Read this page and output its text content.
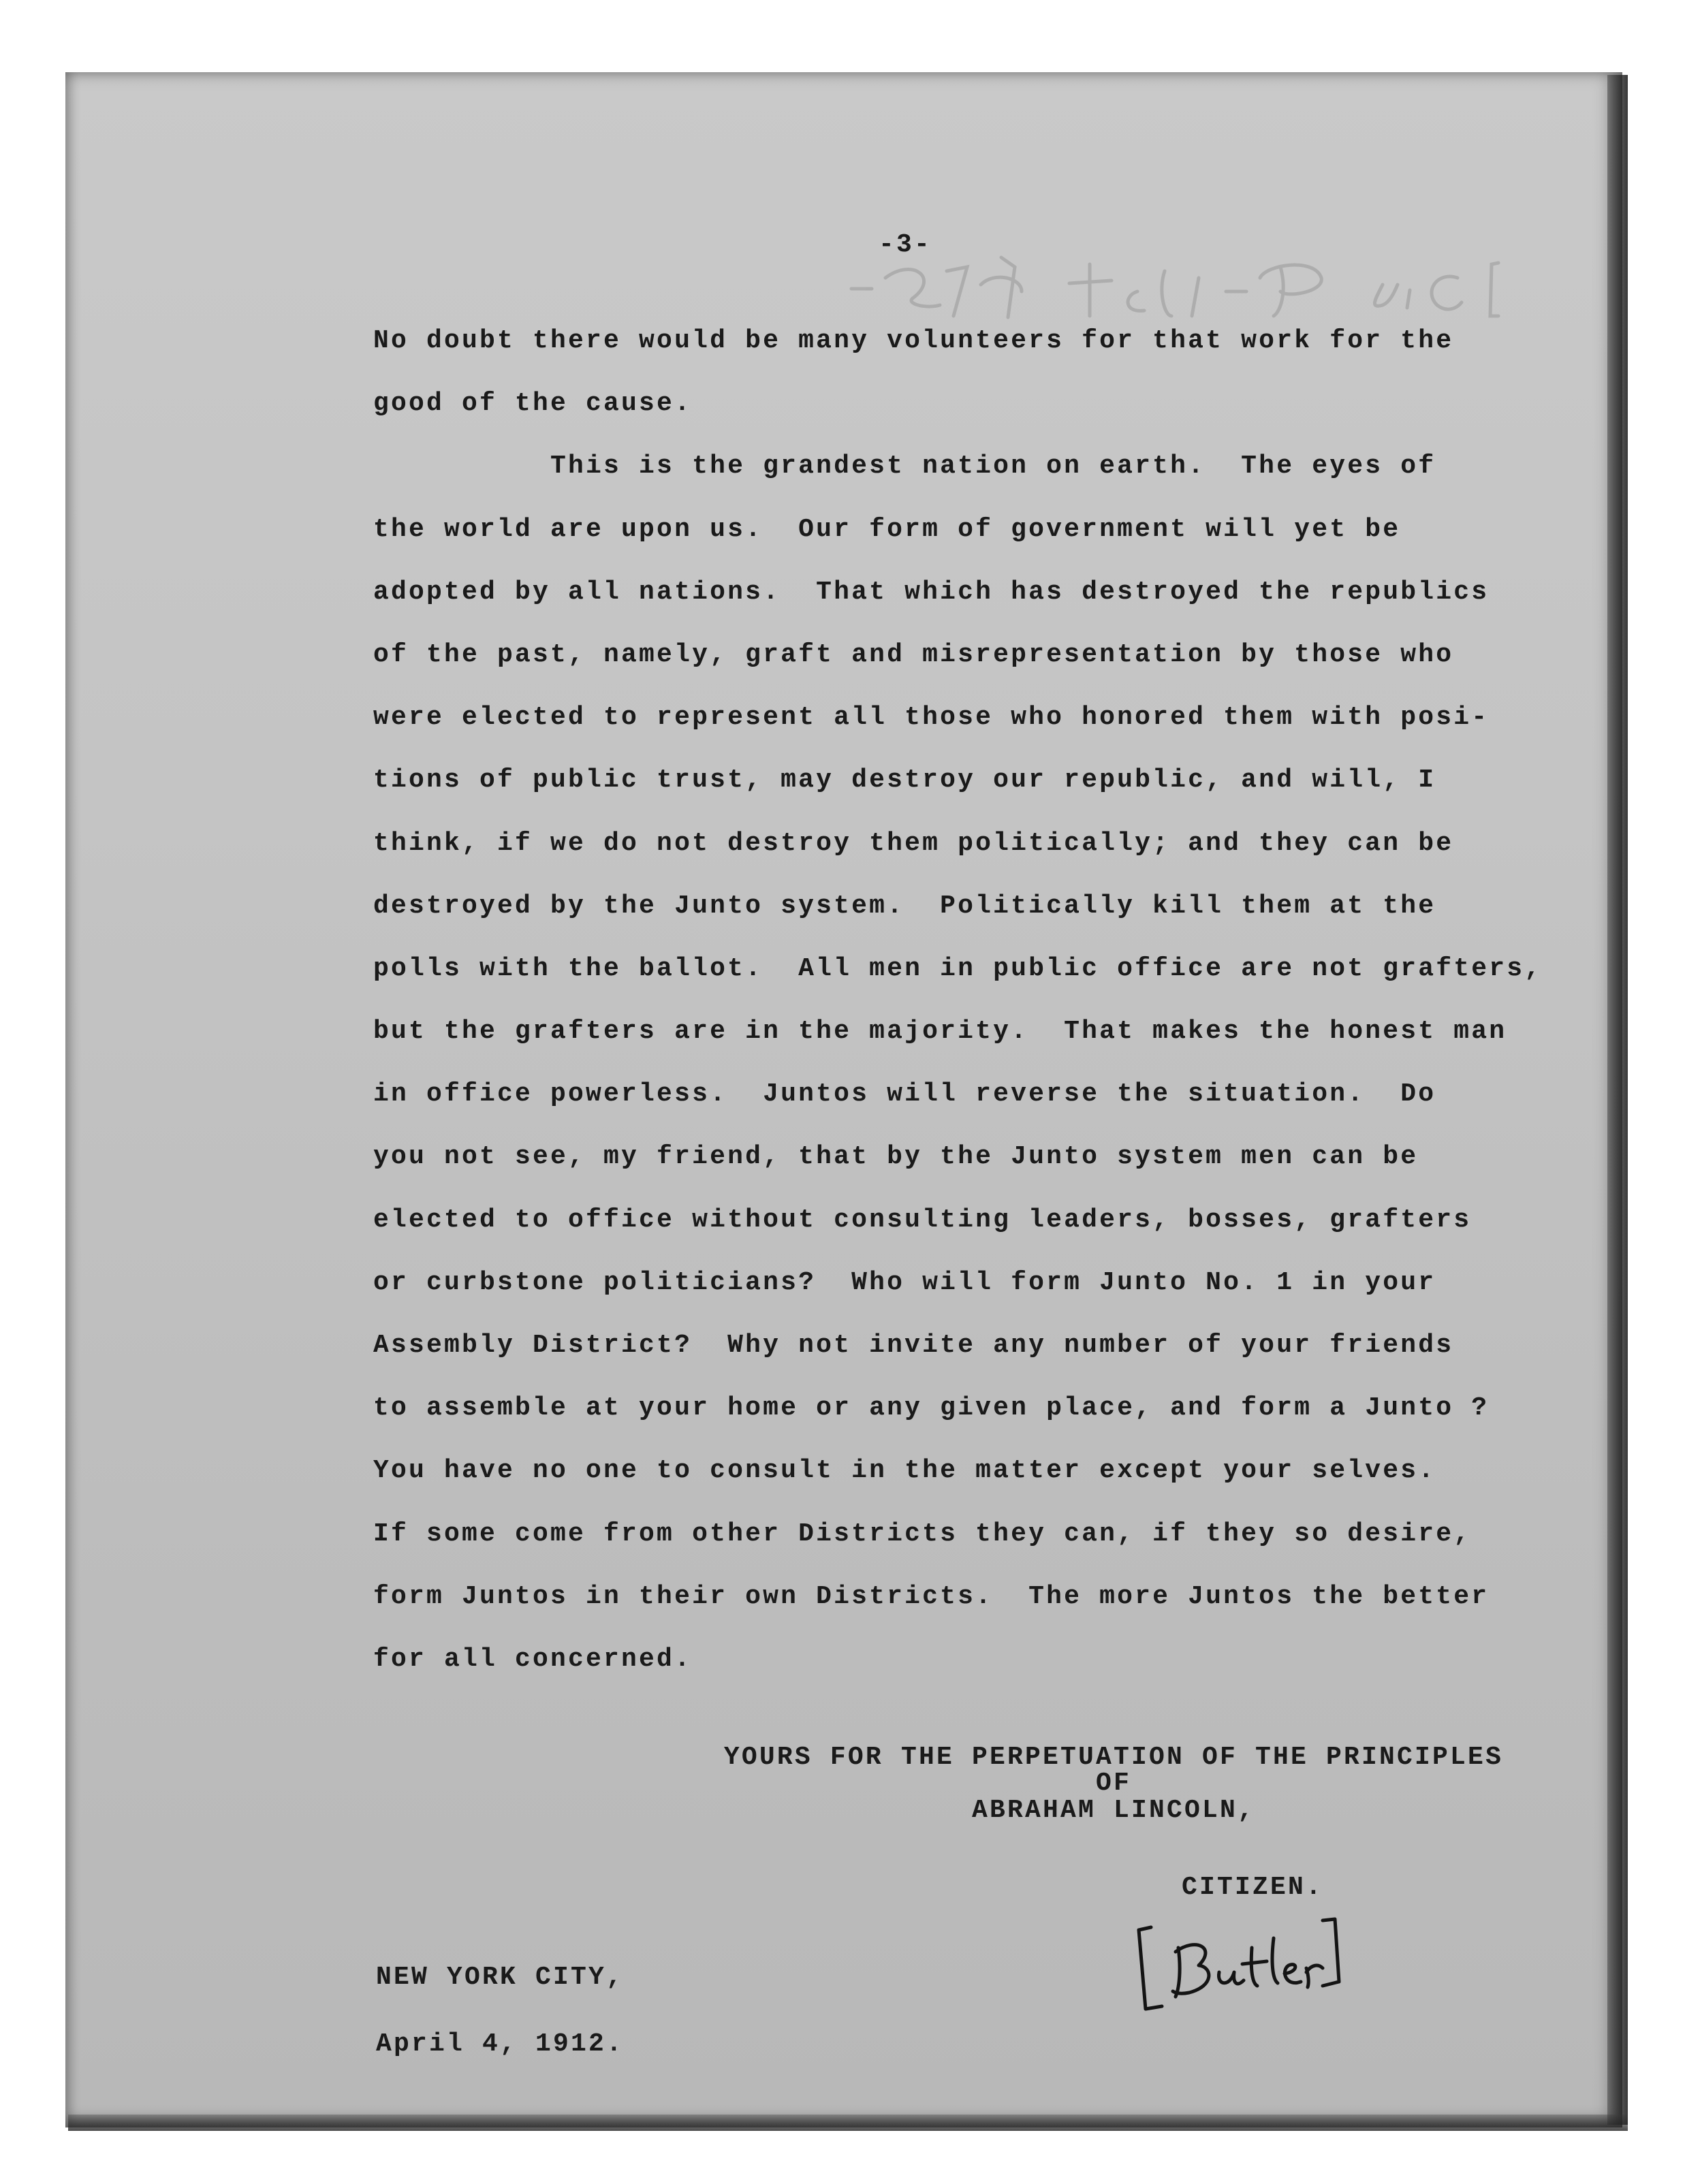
-3-
No doubt there would be many volunteers for that work for the
good of the cause.
This is the grandest nation on earth.  The eyes of
the world are upon us.  Our form of government will yet be
adopted by all nations.  That which has destroyed the republics
of the past, namely, graft and misrepresentation by those who
were elected to represent all those who honored them with posi-
tions of public trust, may destroy our republic, and will, I
think, if we do not destroy them politically; and they can be
destroyed by the Junto system.  Politically kill them at the
polls with the ballot.  All men in public office are not grafters,
but the grafters are in the majority.  That makes the honest man
in office powerless.  Juntos will reverse the situation.  Do
you not see, my friend, that by the Junto system men can be
elected to office without consulting leaders, bosses, grafters
or curbstone politicians?  Who will form Junto No. 1 in your
Assembly District?  Why not invite any number of your friends
to assemble at your home or any given place, and form a Junto ?
You have no one to consult in the matter except your selves.
If some come from other Districts they can, if they so desire,
form Juntos in their own Districts.  The more Juntos the better
for all concerned.
YOURS FOR THE PERPETUATION OF THE PRINCIPLES
OF
ABRAHAM LINCOLN,
CITIZEN.
NEW YORK CITY,
April 4, 1912.
